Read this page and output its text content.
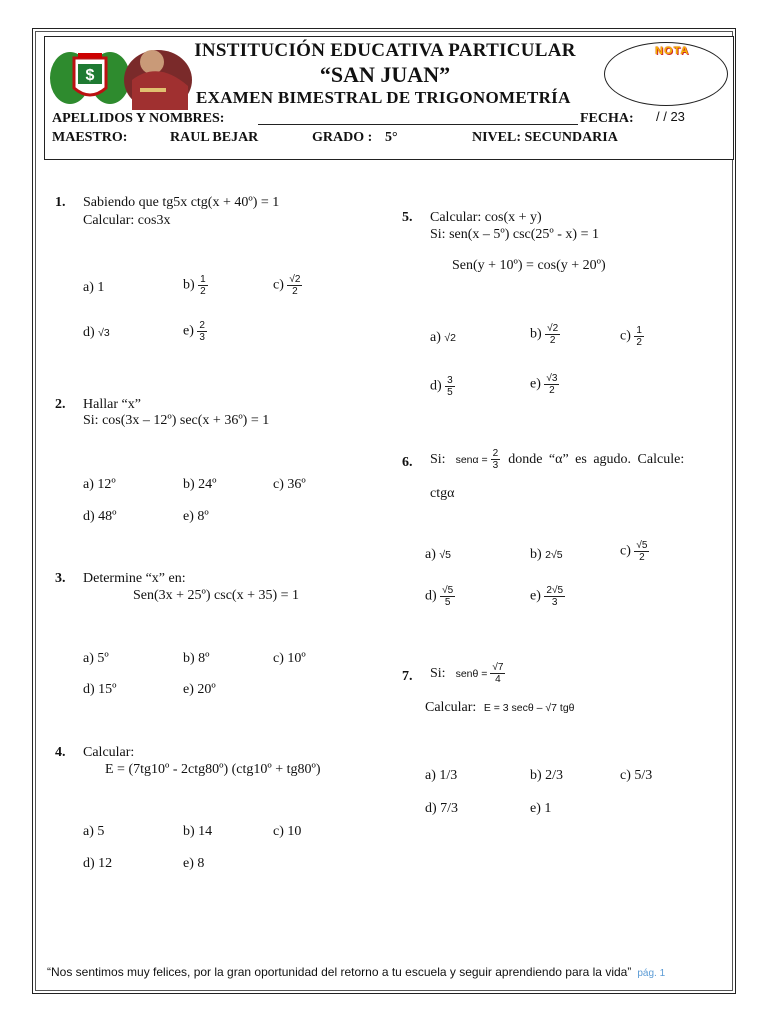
$
INSTITUCIÓN EDUCATIVA PARTICULAR
“SAN JUAN”
EXAMEN BIMESTRAL DE TRIGONOMETRÍA
NOTA
APELLIDOS Y NOMBRES:	FECHA: / / 23
MAESTRO:	RAUL BEJAR	GRADO : 5°	NIVEL: SECUNDARIA
1. Sabiendo que tg5x ctg(x + 40º) = 1
Calcular: cos3x
a) 1	$b) \frac{1}{2}$	$c) \frac{√2}{2}$
d) √3	$e) \frac{2}{3}$
2. Hallar “x”
Si: cos(3x – 12º) sec(x + 36º) = 1
a) 12º	b) 24º	c) 36º
d) 48º	e) 8º
3. Determine “x” en:
Sen(3x + 25º) csc(x + 35) = 1
a) 5º	b) 8º	c) 10º
d) 15º	e) 20º
4. Calcular:
E = (7tg10º - 2ctg80º) (ctg10º + tg80º)
a) 5	b) 14	c) 10
d) 12	e) 8
5. Calcular: cos(x + y)
Si: sen(x – 5º) csc(25º - x) = 1
Sen(y + 10º) = cos(y + 20º)
a) √2	$b) \frac{√2}{2}$	$c) \frac{1}{2}$
$d) \frac{3}{5}$	$e) \frac{√3}{2}$
6. Si: $sen\alpha = \frac{2}{3}$ donde “α” es agudo. Calcule:
ctgα
a) √5	b) 2√5	$c) \frac{√5}{2}$
$d) \frac{√5}{5}$	$e) \frac{2√5}{3}$
7. Si: $sen\theta = \frac{√7}{4}$
Calcular: E = 3 secθ – √7 tgθ
a) 1/3	b) 2/3	c) 5/3
d) 7/3	e) 1
“Nos sentimos muy felices, por la gran oportunidad del retorno a tu escuela y seguir aprendiendo para la vida” pág. 1
